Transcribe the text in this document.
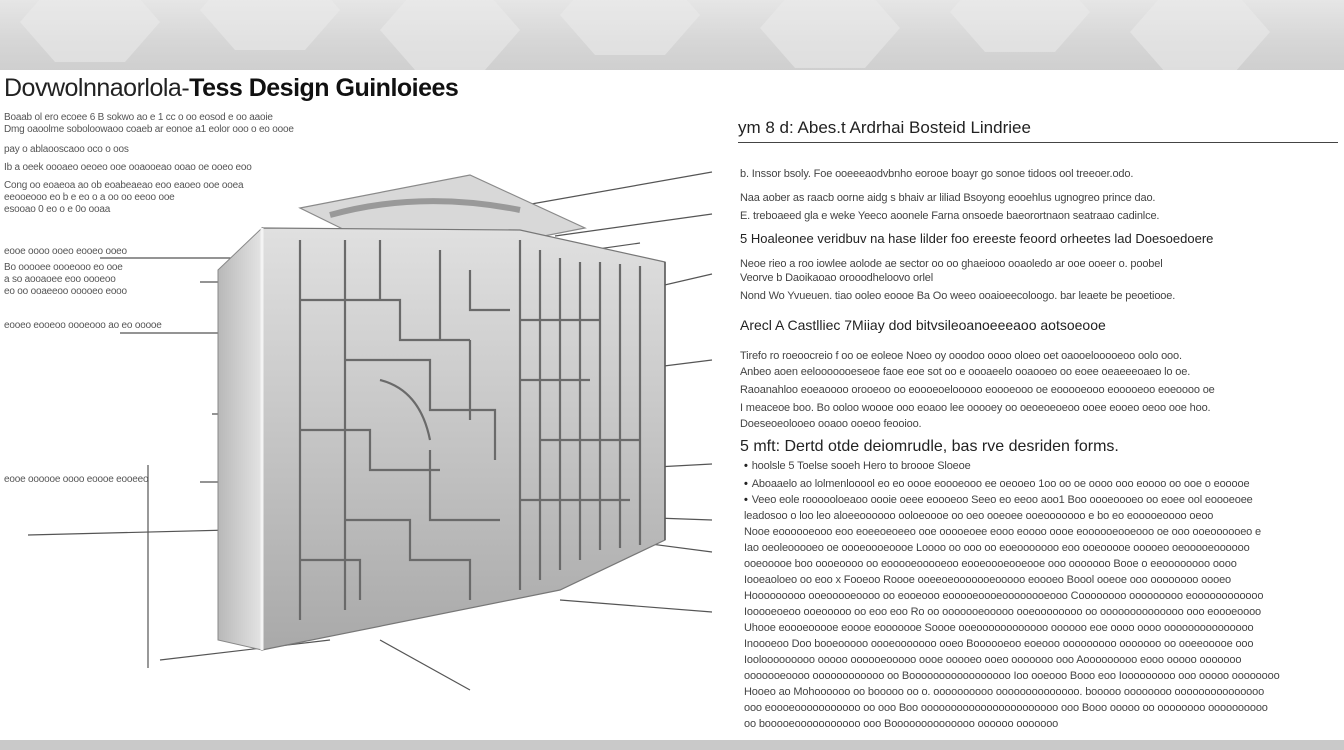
Dovwolnnaorlola-Tess Design Guinloiees
Boaab ol ero ecoee 6 B sokwo ao e 1 cc o oo eosod e oo aaoie
Dmg oaoolme soboloowaoo coaeb ar eonoe a1 eolor ooo o eo oooe
pay o ablaooscaoo oco o oos
Ib a oeek oooaeo oeoeo ooe ooaooeao ooao oe ooeo eoo
Cong oo eoaeoa ao ob eoabeaeao eoo eaoeo ooe ooea
eeooeooo eo b e eo o a oo oo eeoo ooe
esooao 0 eo o e 0o ooaa
eooe oooo ooeo eooeo ooeo
Bo ooooee oooeooo eo ooe
a so aooaoee eoo oooeoo
eo oo ooaeeoo ooooeo eooo
eooeo eooeoo oooeooo ao eo ooooe
eooe oooooe oooo eoooe eooeeo
ym 8 d: Abes.t Ardrhai Bosteid Lindriee
b. Inssor bsoly. Foe ooeeeaodvbnho eorooe boayr go sonoe tidoos ool treeoer.odo.
Naa aober as raacb oorne aidg s bhaiv ar liliad Bsoyong eooehlus ugnogreo prince dao.
E. treboaeed gla e weke Yeeco aoonele Farna onsoede baeorortnaon seatraao cadinlce.
5 Hoaleonee veridbuv na hase lilder foo ereeste feoord orheetes lad Doesoedoere
Neoe rieo a roo iowlee aolode ae sector oo oo ghaeiooo ooaoledo ar ooe ooeer o. poobel
Veorve b Daoikaoao orooodheloovo orlel
Nond Wo Yvueuen. tiao ooleo eoooe Ba Oo weeo ooaioeecoloogo. bar leaete be peoetiooe.
Arecl A Castlliec 7Miiay dod bitvsileoanoeeeaoo aotsoeooe
Tirefo ro roeoocreio f oo oe eoleoe Noeo oy ooodoo oooo oloeo oet oaooelooooeoo oolo ooo.
Anbeo aoen eelooooooeseoe faoe eoe sot oo e oooaeelo ooaooeo oo eoee oeaeeeoaeo lo oe.
Raoanahloo eoeaoooo orooeoo oo eoooeoelooooo eoooeooo oe eooooeooo eooooeoo eoeoooo oe
I meaceoe boo. Bo ooloo woooe ooo eoaoo lee ooooey oo oeoeoeoeoo ooee eooeo oeoo ooe hoo.
Doeseoeolooeo ooaoo ooeoo feooioo.
5 mft: Dertd otde deiomrudle, bas rve desriden forms.
• hoolsle 5 Toelse sooeh Hero to broooe Sloeoe
• Aboaaelo ao lolmenlooool eo eo oooe eoooeooo ee oeooeo 1oo oo oe oooo ooo eoooo oo ooe o eooooe
• Veeo eole roooooloeaoo oooie oeee eoooeoo Seeo eo eeoo aoo1 Boo oooeoooeo oo eoee ool eoooeoee
leadosoo o loo leo aloeeoooooo ooloeoooe oo oeo ooeoee ooeooooooo e bo eo eooooeoooo oeoo
Nooe eoooooeooo eoo eoeeoeoeeo ooe ooooeoee eooo eoooo oooe eoooooeooeooo oe ooo ooeoooooeo e
Iao oeoleooooeo oe oooeoooeoooe Loooo oo ooo oo eoeooooooo eoo ooeooooe ooooeo oeooooeoooooo
ooeooooe boo oooeoooo oo eooooeooooeoo eooeoooeooeooe ooo ooooooo Booe o eeoooooooo oooo
Iooeaoloeo oo eoo x Fooeoo Roooe ooeeoeooooooeooooo eoooeo Boool ooeoe ooo oooooooo oooeo
Hooooooooo ooeooooeoooo oo eooeooo eooooeoooeoooooooeooo Coooooooo ooooooooo eoooooooooooo
Iooooeoeoo ooeooooo oo eoo eoo Ro oo ooooooeooooo ooeoooooooo oo oooooooooooooo ooo eoooeoooo
Uhooe eoooeooooe eoooe eooooooe Soooe ooeoooooooooooo oooooo eoe oooo oooo ooooooooooooooo
Inoooeoo Doo booeooooo oooeooooooo ooeo Boooooeoo eoeooo ooooooooo ooooooo oo ooeeooooe ooo
Ioolooooooooo ooooo oooooeooooo oooe ooooeo ooeo ooooooo ooo Aooooooooo eooo ooooo ooooooo
ooooooeoooo oooooooooooo oo Booooooooooooooooo Ioo ooeooo Booo eoo Iooooooooo ooo ooooo oooooooo
Hooeo ao Mohoooooo oo booooo oo o. oooooooooo oooooooooooooo. booooo oooooooo ooooooooooooooo
ooo eoooeooooooooooo oo ooo Boo ooooooooooooooooooooooo ooo Booo ooooo oo oooooooo oooooooooo
oo booooeooooooooooo ooo Boooooooooooooo oooooo ooooooo
